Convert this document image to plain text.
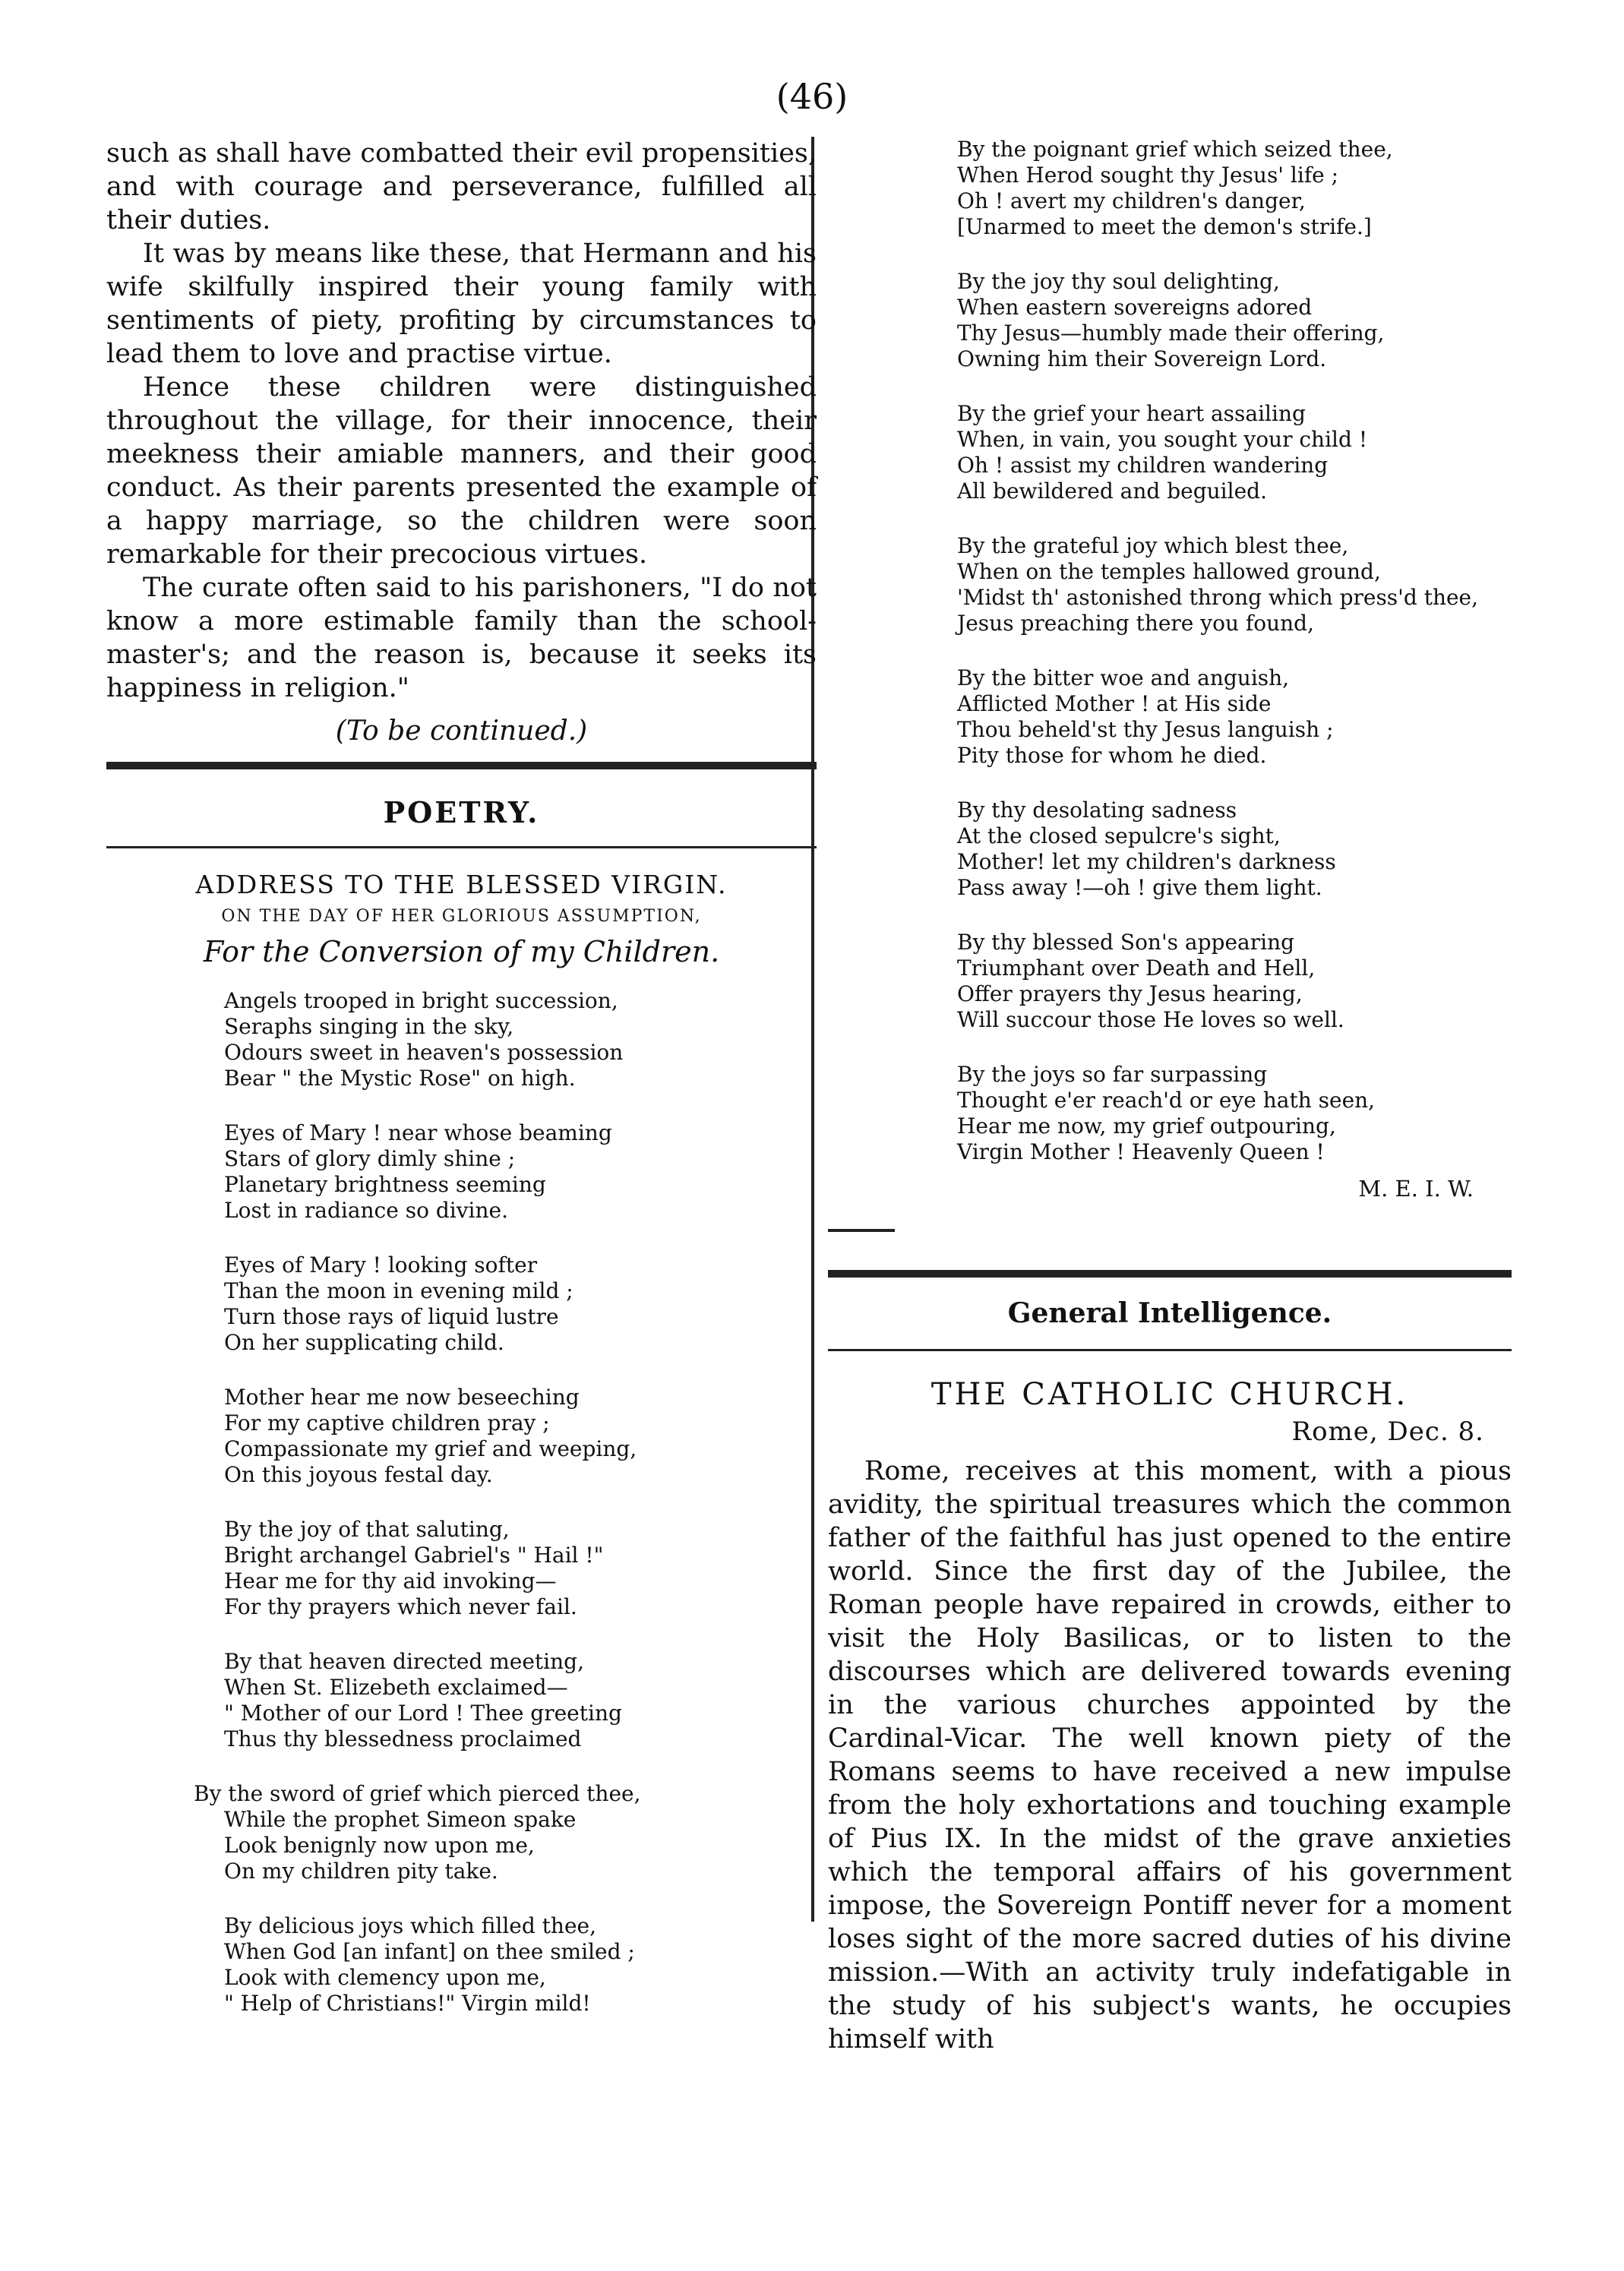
(46)

such as shall have combatted their evil propensities, and with courage and perseverance, fulfilled all their duties.

It was by means like these, that Hermann and his wife skilfully inspired their young family with sentiments of piety, profiting by circumstances to lead them to love and practise virtue.

Hence these children were distinguished throughout the village, for their innocence, their meekness their amiable manners, and their good conduct. As their parents presented the example of a happy marriage, so the children were soon remarkable for their precocious virtues.

The curate often said to his parishoners, "I do not know a more estimable family than the school-master's; and the reason is, because it seeks its happiness in religion."

(To be continued.)
POETRY.
ADDRESS TO THE BLESSED VIRGIN.
ON THE DAY OF HER GLORIOUS ASSUMPTION,
For the Conversion of my Children.
Angels trooped in bright succession,
Seraphs singing in the sky,
Odours sweet in heaven's possession
Bear " the Mystic Rose" on high.
Eyes of Mary ! near whose beaming
Stars of glory dimly shine ;
Planetary brightness seeming
Lost in radiance so divine.
Eyes of Mary ! looking softer
Than the moon in evening mild ;
Turn those rays of liquid lustre
On her supplicating child.
Mother hear me now beseeching
For my captive children pray ;
Compassionate my grief and weeping,
On this joyous festal day.
By the joy of that saluting,
Bright archangel Gabriel's " Hail !"
Hear me for thy aid invoking—
For thy prayers which never fail.
By that heaven directed meeting,
When St. Elizebeth exclaimed—
" Mother of our Lord ! Thee greeting
Thus thy blessedness proclaimed
By the sword of grief which pierced thee,
While the prophet Simeon spake
Look benignly now upon me,
On my children pity take.
By delicious joys which filled thee,
When God [an infant] on thee smiled ;
Look with clemency upon me,
" Help of Christians!" Virgin mild!
By the poignant grief which seized thee,
When Herod sought thy Jesus' life ;
Oh ! avert my children's danger,
[Unarmed to meet the demon's strife.]
By the joy thy soul delighting,
When eastern sovereigns adored
Thy Jesus—humbly made their offering,
Owning him their Sovereign Lord.
By the grief your heart assailing
When, in vain, you sought your child !
Oh ! assist my children wandering
All bewildered and beguiled.
By the grateful joy which blest thee,
When on the temples hallowed ground,
'Midst th' astonished throng which press'd thee,
Jesus preaching there you found,
By the bitter woe and anguish,
Afflicted Mother ! at His side
Thou beheld'st thy Jesus languish ;
Pity those for whom he died.
By thy desolating sadness
At the closed sepulcre's sight,
Mother! let my children's darkness
Pass away !—oh ! give them light.
By thy blessed Son's appearing
Triumphant over Death and Hell,
Offer prayers thy Jesus hearing,
Will succour those He loves so well.
By the joys so far surpassing
Thought e'er reach'd or eye hath seen,
Hear me now, my grief outpouring,
Virgin Mother ! Heavenly Queen !
M. E. I. W.
General Intelligence.
THE CATHOLIC CHURCH.
Rome, Dec. 8.

Rome, receives at this moment, with a pious avidity, the spiritual treasures which the common father of the faithful has just opened to the entire world. Since the first day of the Jubilee, the Roman people have repaired in crowds, either to visit the Holy Basilicas, or to listen to the discourses which are delivered towards evening in the various churches appointed by the Cardinal-Vicar. The well known piety of the Romans seems to have received a new impulse from the holy exhortations and touching example of Pius IX. In the midst of the grave anxieties which the temporal affairs of his government impose, the Sovereign Pontiff never for a moment loses sight of the more sacred duties of his divine mission.—With an activity truly indefatigable in the study of his subject's wants, he occupies himself with
